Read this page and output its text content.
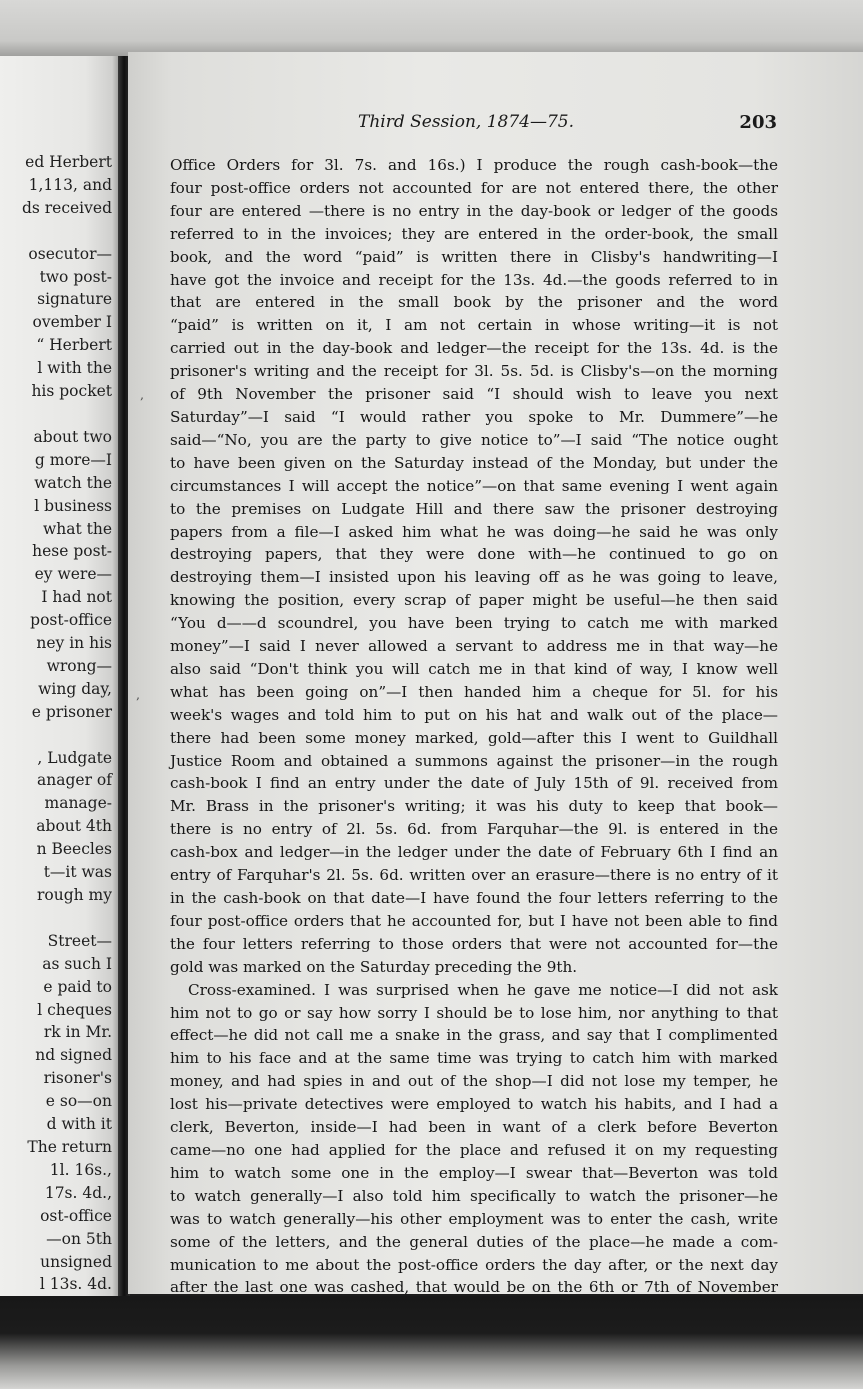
ed Herbert
1,113, and
ds received

osecutor—
two post-
signature
ovember I
“ Herbert
l with the
his pocket

about two
g more—I
watch the
l business
what the
hese post-
ey were—
I had not
post-office
ney in his
wrong—
wing day,
e prisoner

, Ludgate
anager of
manage-
about 4th
n Beecles
t—it was
rough my

Street—
as such I
e paid to
l cheques
rk in Mr.
nd signed
risoner's
e so—on
d with it
The return
1l. 16s.,
17s. 4d.,
ost-office
—on 5th
unsigned
l 13s. 4d.
Third Session, 1874—75.	203
Office Orders for 3l. 7s. and 16s.) I produce the rough cash-book—the
four post-office orders not accounted for are not entered there, the other
four are entered —there is no entry in the day-book or ledger of the goods
referred to in the invoices; they are entered in the order-book, the small
book, and the word “paid” is written there in Clisby's handwriting—I
have got the invoice and receipt for the 13s. 4d.—the goods referred to in
that are entered in the small book by the prisoner and the word
“paid” is written on it, I am not certain in whose writing—it is not
carried out in the day-book and ledger—the receipt for the 13s. 4d. is the
prisoner's writing and the receipt for 3l. 5s. 5d. is Clisby's—on the morning
of 9th November the prisoner said “I should wish to leave you next
Saturday”—I said “I would rather you spoke to Mr. Dummere”—he
said—“No, you are the party to give notice to”—I said “The notice ought
to have been given on the Saturday instead of the Monday, but under the
circumstances I will accept the notice”—on that same evening I went again
to the premises on Ludgate Hill and there saw the prisoner destroying
papers from a file—I asked him what he was doing—he said he was only
destroying papers, that they were done with—he continued to go on
destroying them—I insisted upon his leaving off as he was going to leave,
knowing the position, every scrap of paper might be useful—he then said
“You d——d scoundrel, you have been trying to catch me with marked
money”—I said I never allowed a servant to address me in that way—he
also said “Don't think you will catch me in that kind of way, I know well
what has been going on”—I then handed him a cheque for 5l. for his
week's wages and told him to put on his hat and walk out of the place—
there had been some money marked, gold—after this I went to Guildhall
Justice Room and obtained a summons against the prisoner—in the rough
cash-book I find an entry under the date of July 15th of 9l. received from
Mr. Brass in the prisoner's writing; it was his duty to keep that book—
there is no entry of 2l. 5s. 6d. from Farquhar—the 9l. is entered in the
cash-box and ledger—in the ledger under the date of February 6th I find an
entry of Farquhar's 2l. 5s. 6d. written over an erasure—there is no entry of it
in the cash-book on that date—I have found the four letters referring to the
four post-office orders that he accounted for, but I have not been able to find
the four letters referring to those orders that were not accounted for—the
gold was marked on the Saturday preceding the 9th.
Cross-examined. I was surprised when he gave me notice—I did not ask
him not to go or say how sorry I should be to lose him, nor anything to that
effect—he did not call me a snake in the grass, and say that I complimented
him to his face and at the same time was trying to catch him with marked
money, and had spies in and out of the shop—I did not lose my temper, he
lost his—private detectives were employed to watch his habits, and I had a
clerk, Beverton, inside—I had been in want of a clerk before Beverton
came—no one had applied for the place and refused it on my requesting
him to watch some one in the employ—I swear that—Beverton was told
to watch generally—I also told him specifically to watch the prisoner—he
was to watch generally—his other employment was to enter the cash, write
some of the letters, and the general duties of the place—he made a com-
munication to me about the post-office orders the day after, or the next day
after the last one was cashed, that would be on the 6th or 7th of November
‚
‚
